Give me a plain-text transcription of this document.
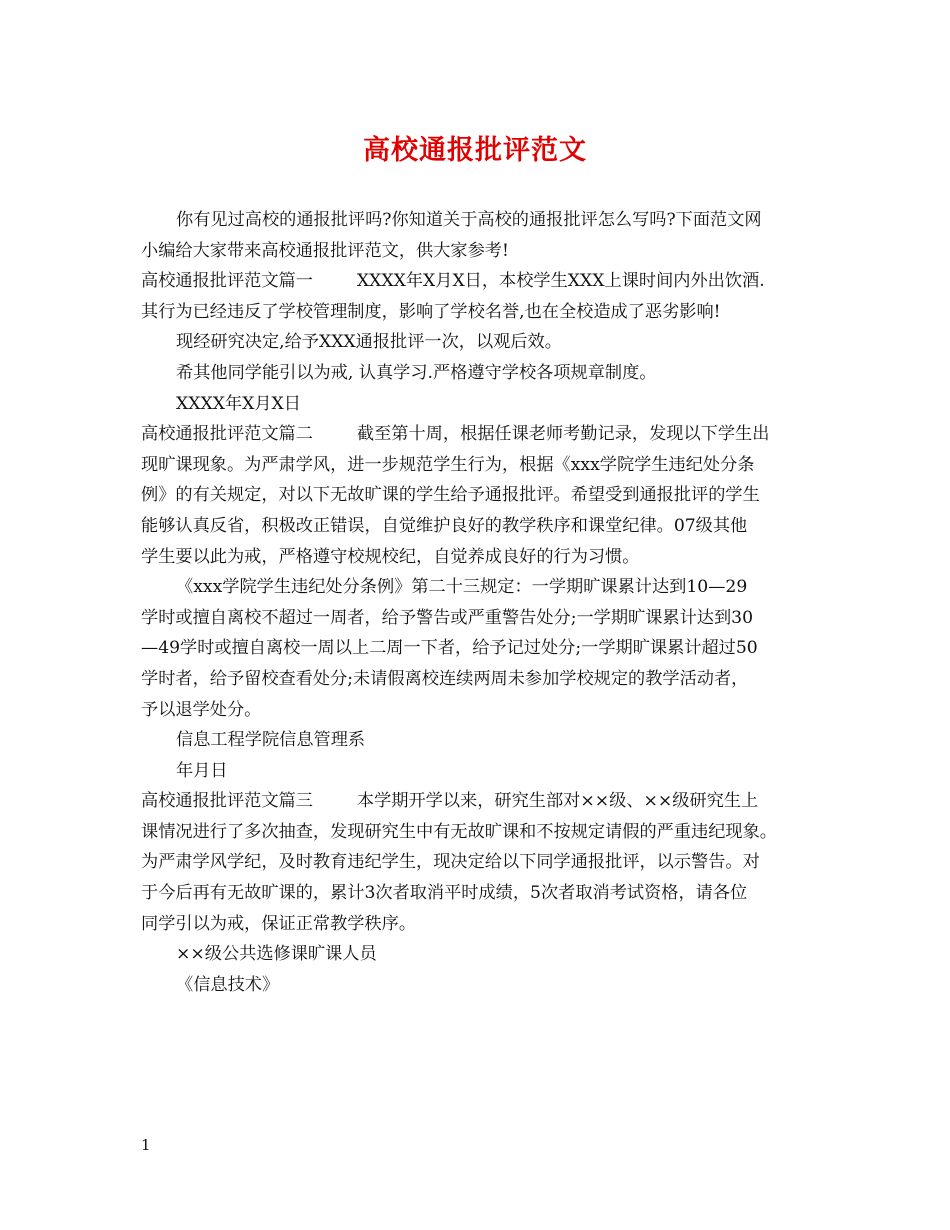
高校通报批评范文
你有见过高校的通报批评吗?你知道关于高校的通报批评怎么写吗?下面范文网
小编给大家带来高校通报批评范文，供大家参考!
高校通报批评范文篇一	XXXX年X月X日，本校学生XXX上课时间内外出饮酒.
其行为已经违反了学校管理制度，影响了学校名誉,也在全校造成了恶劣影响!
现经研究决定,给予XXX通报批评一次，以观后效。
希其他同学能引以为戒, 认真学习.严格遵守学校各项规章制度。
XXXX年X月X日
高校通报批评范文篇二	截至第十周，根据任课老师考勤记录，发现以下学生出
现旷课现象。为严肃学风，进一步规范学生行为，根据《xxx学院学生违纪处分条
例》的有关规定，对以下无故旷课的学生给予通报批评。希望受到通报批评的学生
能够认真反省，积极改正错误，自觉维护良好的教学秩序和课堂纪律。07级其他
学生要以此为戒，严格遵守校规校纪，自觉养成良好的行为习惯。
《xxx学院学生违纪处分条例》第二十三规定：一学期旷课累计达到10—29
学时或擅自离校不超过一周者，给予警告或严重警告处分;一学期旷课累计达到30
—49学时或擅自离校一周以上二周一下者，给予记过处分;一学期旷课累计超过50
学时者，给予留校查看处分;未请假离校连续两周未参加学校规定的教学活动者，
予以退学处分。
信息工程学院信息管理系
年月日
高校通报批评范文篇三	本学期开学以来，研究生部对××级、××级研究生上
课情况进行了多次抽查，发现研究生中有无故旷课和不按规定请假的严重违纪现象。
为严肃学风学纪，及时教育违纪学生，现决定给以下同学通报批评，以示警告。对
于今后再有无故旷课的，累计3次者取消平时成绩，5次者取消考试资格，请各位
同学引以为戒，保证正常教学秩序。
××级公共选修课旷课人员
《信息技术》
1
